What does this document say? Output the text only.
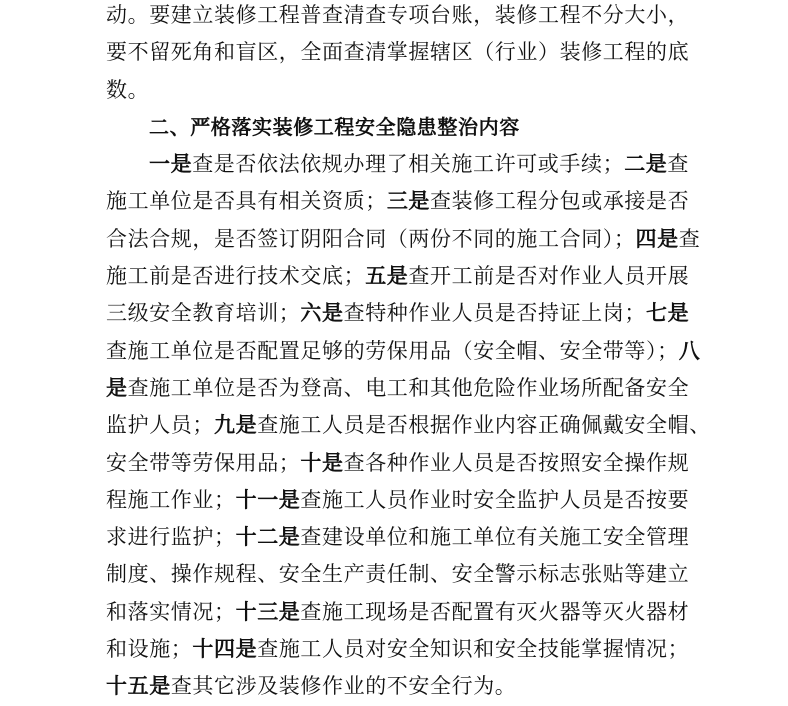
动。要建立装修工程普查清查专项台账，装修工程不分大小，
要不留死角和盲区，全面查清掌握辖区（行业）装修工程的底
数。
二、严格落实装修工程安全隐患整治内容
一是查是否依法依规办理了相关施工许可或手续；二是查
施工单位是否具有相关资质；三是查装修工程分包或承接是否
合法合规，是否签订阴阳合同（两份不同的施工合同）；四是查
施工前是否进行技术交底；五是查开工前是否对作业人员开展
三级安全教育培训；六是查特种作业人员是否持证上岗；七是
查施工单位是否配置足够的劳保用品（安全帽、安全带等）；八
是查施工单位是否为登高、电工和其他危险作业场所配备安全
监护人员；九是查施工人员是否根据作业内容正确佩戴安全帽、
安全带等劳保用品；十是查各种作业人员是否按照安全操作规
程施工作业；十一是查施工人员作业时安全监护人员是否按要
求进行监护；十二是查建设单位和施工单位有关施工安全管理
制度、操作规程、安全生产责任制、安全警示标志张贴等建立
和落实情况；十三是查施工现场是否配置有灭火器等灭火器材
和设施；十四是查施工人员对安全知识和安全技能掌握情况；
十五是查其它涉及装修作业的不安全行为。
